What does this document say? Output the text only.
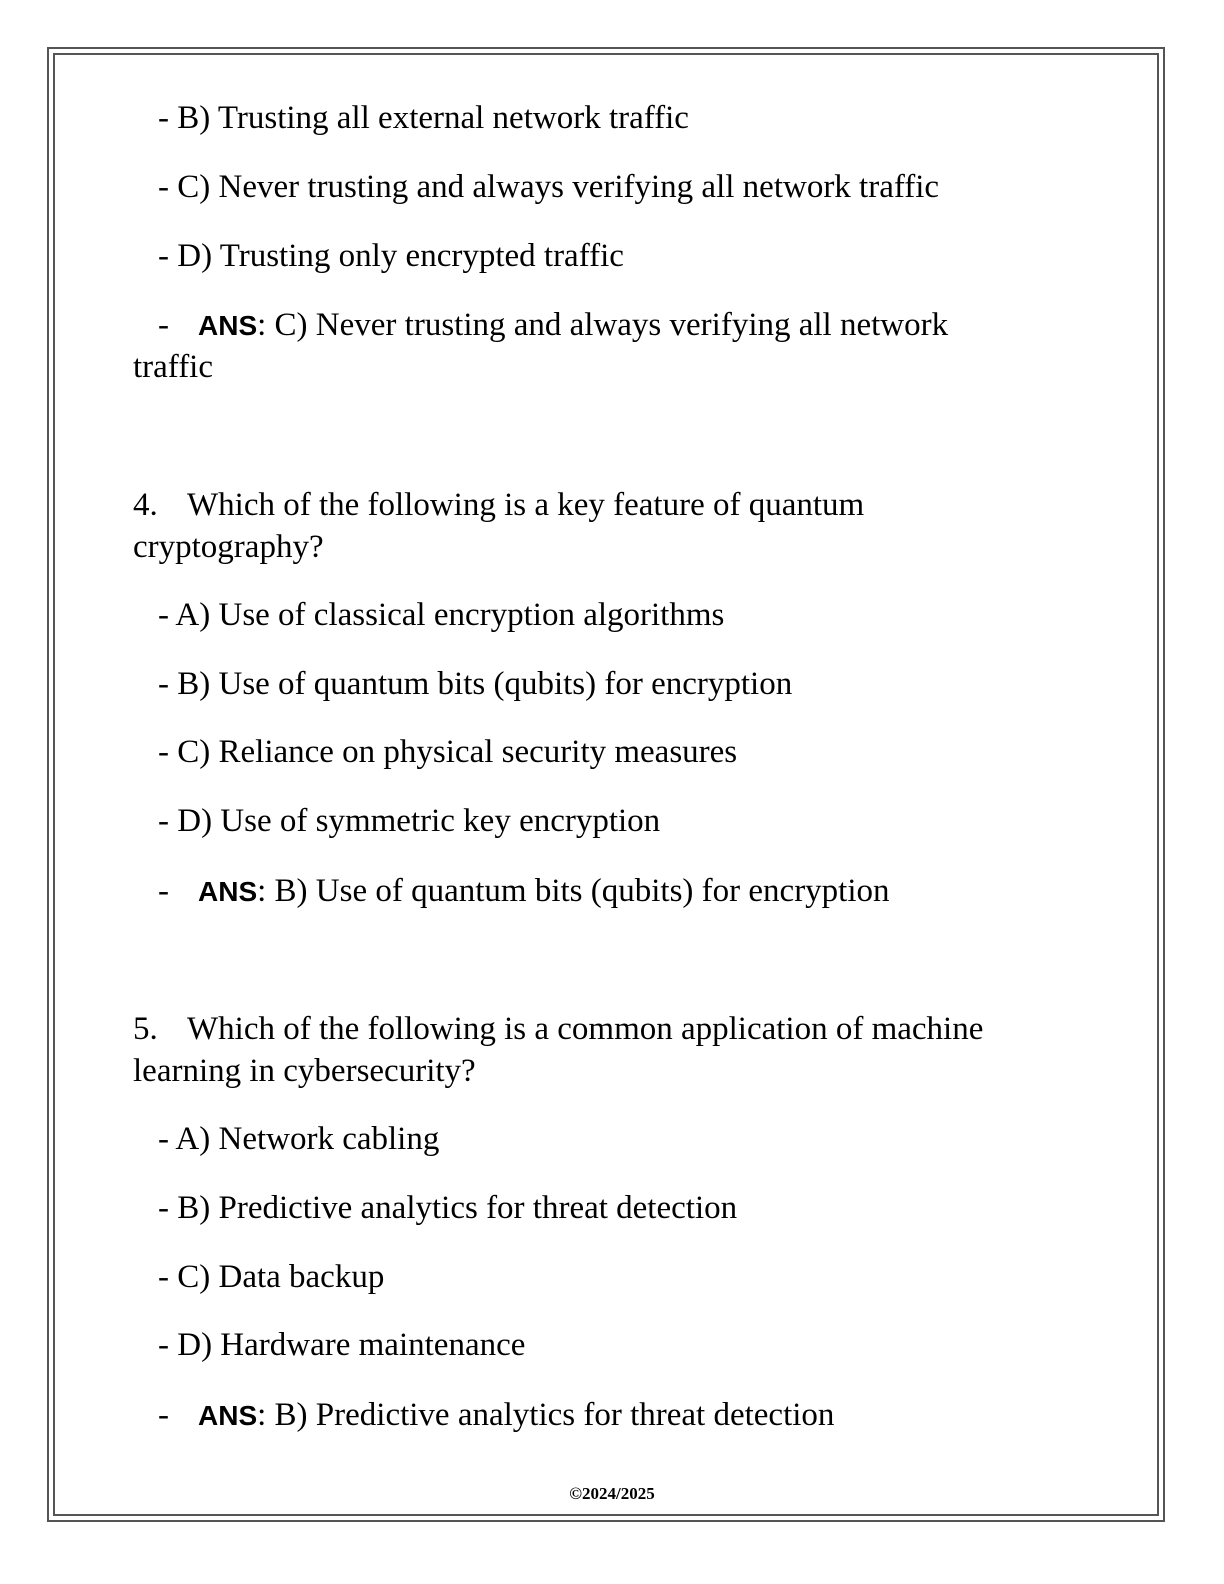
- B) Trusting all external network traffic
- C) Never trusting and always verifying all network traffic
- D) Trusting only encrypted traffic
- ANS: C) Never trusting and always verifying all network
traffic
4. Which of the following is a key feature of quantum
cryptography?
- A) Use of classical encryption algorithms
- B) Use of quantum bits (qubits) for encryption
- C) Reliance on physical security measures
- D) Use of symmetric key encryption
- ANS: B) Use of quantum bits (qubits) for encryption
5. Which of the following is a common application of machine
learning in cybersecurity?
- A) Network cabling
- B) Predictive analytics for threat detection
- C) Data backup
- D) Hardware maintenance
- ANS: B) Predictive analytics for threat detection
©2024/2025
